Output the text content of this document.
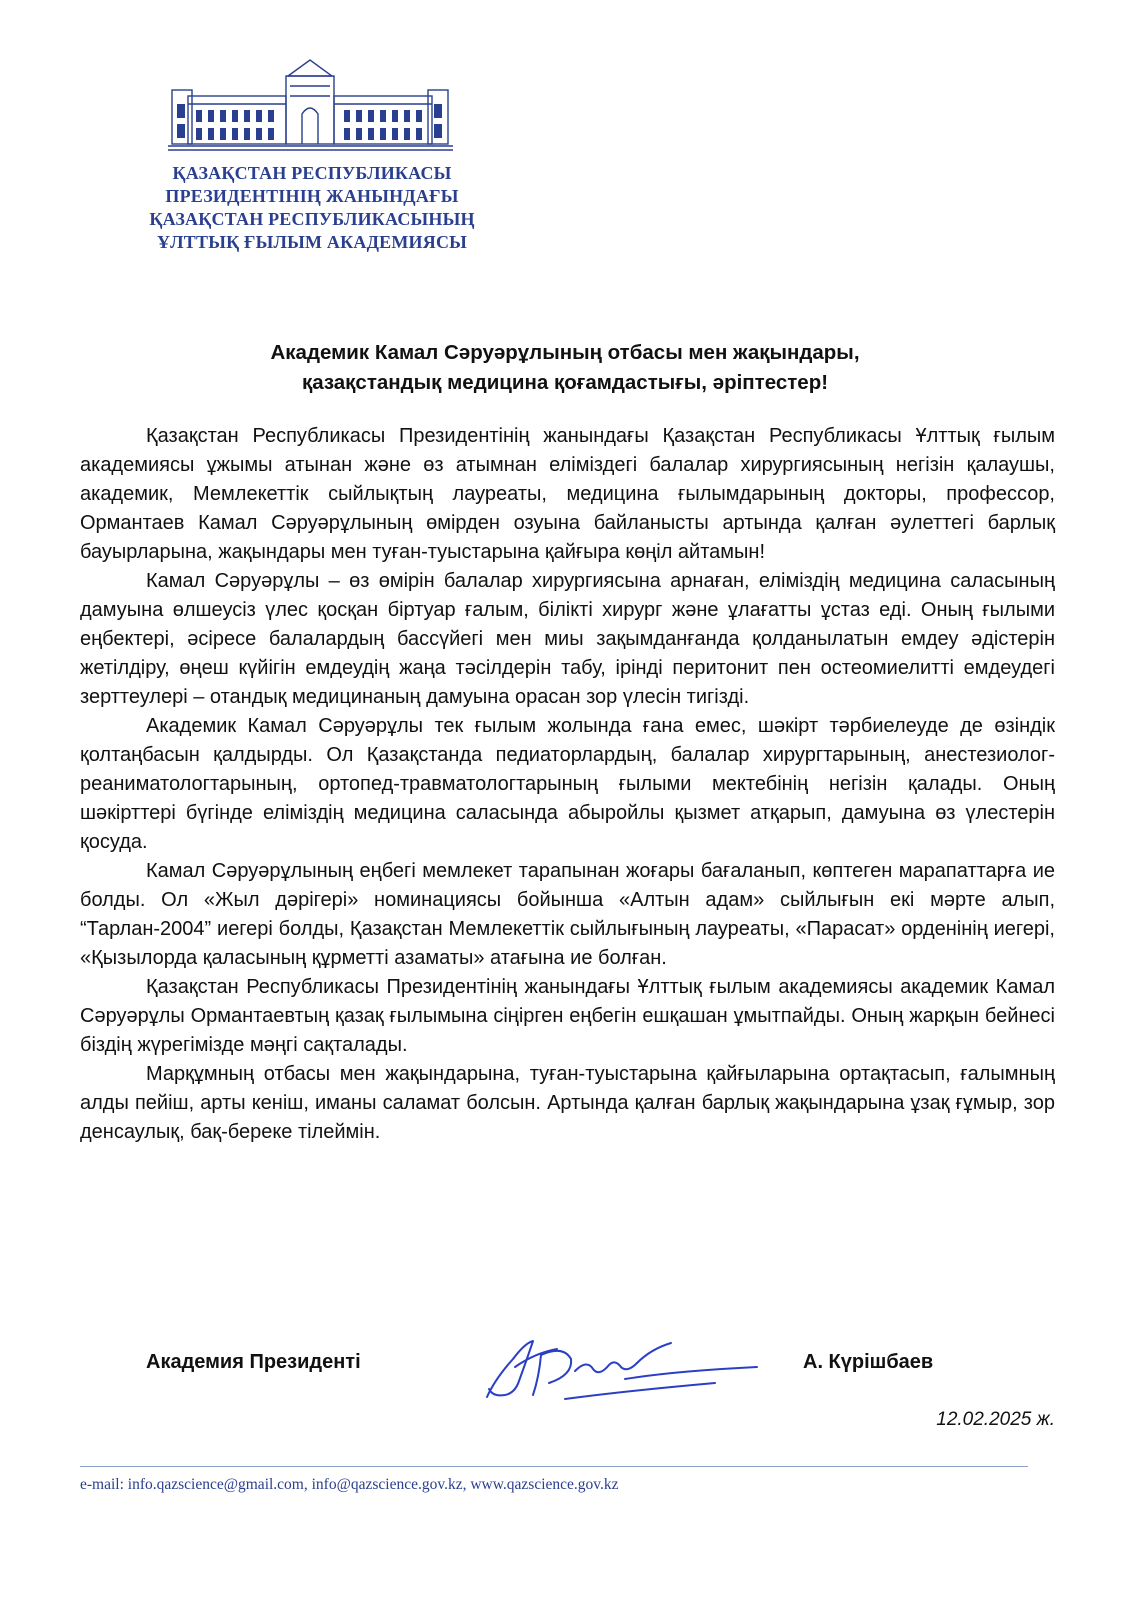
ҚАЗАҚСТАН РЕСПУБЛИКАСЫ
ПРЕЗИДЕНТІНІҢ ЖАНЫНДАҒЫ
ҚАЗАҚСТАН РЕСПУБЛИКАСЫНЫҢ
ҰЛТТЫҚ ҒЫЛЫМ АКАДЕМИЯСЫ

Академик Камал Сәруәрұлының отбасы мен жақындары,
қазақстандық медицина қоғамдастығы, әріптестер!

Қазақстан Республикасы Президентінің жанындағы Қазақстан Республикасы Ұлттық ғылым академиясы ұжымы атынан және өз атымнан еліміздегі балалар хирургиясының негізін қалаушы, академик, Мемлекеттік сыйлықтың лауреаты, медицина ғылымдарының докторы, профессор, Ормантаев Камал Сәруәрұлының өмірден озуына байланысты артында қалған әулеттегі барлық бауырларына, жақындары мен туған-туыстарына қайғыра көңіл айтамын!

Камал Сәруәрұлы – өз өмірін балалар хирургиясына арнаған, еліміздің медицина саласының дамуына өлшеусіз үлес қосқан біртуар ғалым, білікті хирург және ұлағатты ұстаз еді. Оның ғылыми еңбектері, әсіресе балалардың бассүйегі мен миы зақымданғанда қолданылатын емдеу әдістерін жетілдіру, өңеш күйігін емдеудің жаңа тәсілдерін табу, ірінді перитонит пен остеомиелитті емдеудегі зерттеулері – отандық медицинаның дамуына орасан зор үлесін тигізді.

Академик Камал Сәруәрұлы тек ғылым жолында ғана емес, шәкірт тәрбиелеуде де өзіндік қолтаңбасын қалдырды. Ол Қазақстанда педиаторлардың, балалар хирургтарының, анестезиолог-реаниматологтарының, ортопед-травматологтарының ғылыми мектебінің негізін қалады. Оның шәкірттері бүгінде еліміздің медицина саласында абыройлы қызмет атқарып, дамуына өз үлестерін қосуда.

Камал Сәруәрұлының еңбегі мемлекет тарапынан жоғары бағаланып, көптеген марапаттарға ие болды. Ол «Жыл дәрігері» номинациясы бойынша «Алтын адам» сыйлығын екі мәрте алып, “Тарлан-2004” иегері болды, Қазақстан Мемлекеттік сыйлығының лауреаты, «Парасат» орденінің иегері, «Қызылорда қаласының құрметті азаматы» атағына ие болған.

Қазақстан Республикасы Президентінің жанындағы Ұлттық ғылым академиясы академик Камал Сәруәрұлы Ормантаевтың қазақ ғылымына сіңірген еңбегін ешқашан ұмытпайды. Оның жарқын бейнесі біздің жүрегімізде мәңгі сақталады.

Марқұмның отбасы мен жақындарына, туған-туыстарына қайғыларына ортақтасып, ғалымның алды пейіш, арты кеніш, иманы саламат болсын. Артында қалған барлық жақындарына ұзақ ғұмыр, зор денсаулық, бақ-береке тілеймін.

Академия Президенті	А. Күрішбаев

12.02.2025 ж.

e-mail: info.qazscience@gmail.com, info@qazscience.gov.kz, www.qazscience.gov.kz
